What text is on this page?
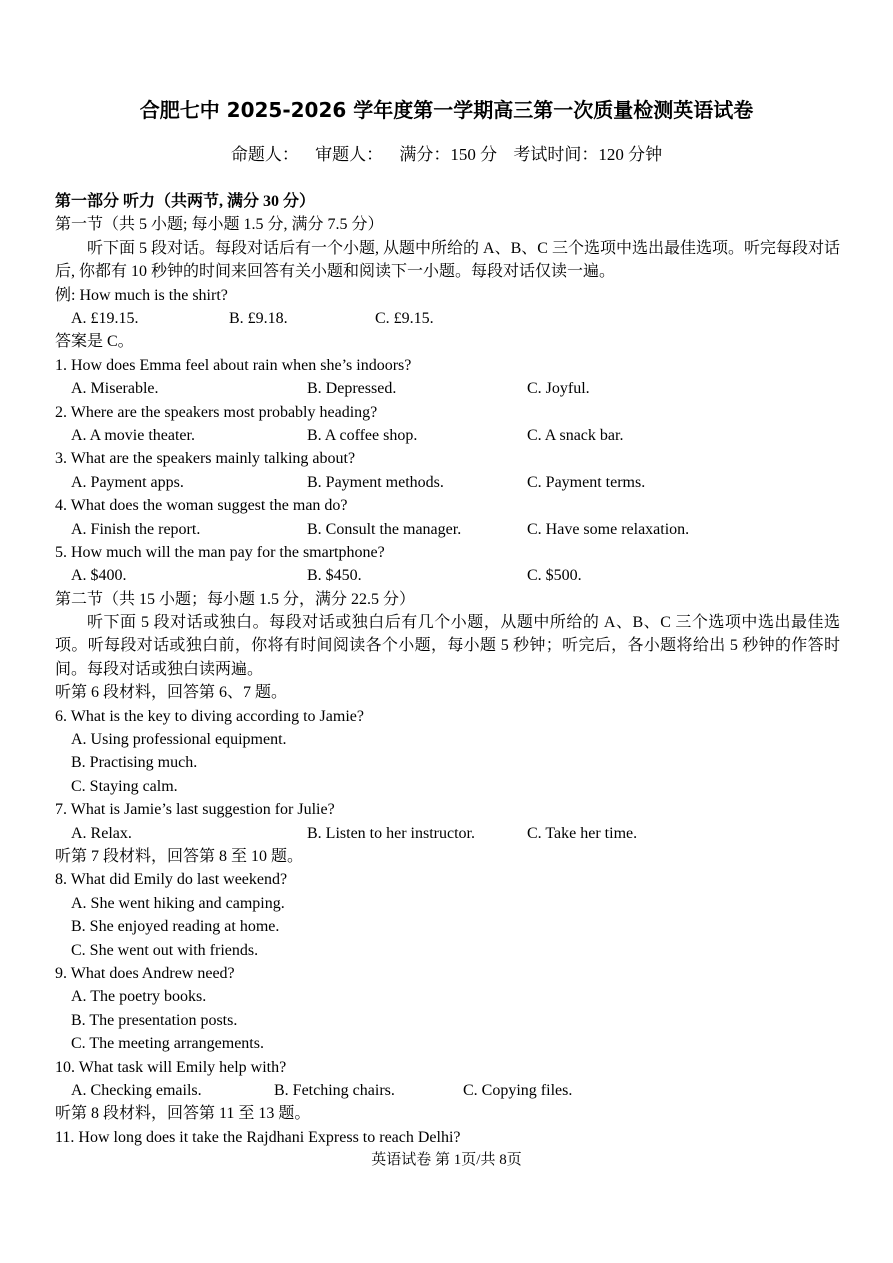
合肥七中 2025-2026 学年度第一学期高三第一次质量检测英语试卷
命题人： 审题人： 满分：150 分 考试时间：120 分钟
第一部分 听力（共两节, 满分 30 分）
第一节（共 5 小题; 每小题 1.5 分, 满分 7.5 分）
听下面 5 段对话。每段对话后有一个小题, 从题中所给的 A、B、C 三个选项中选出最佳选项。听完每段对话后, 你都有 10 秒钟的时间来回答有关小题和阅读下一小题。每段对话仅读一遍。
例: How much is the shirt?
A. £19.15.	B. £9.18.	C. £9.15.
答案是 C。
1. How does Emma feel about rain when she’s indoors?
A. Miserable.	B. Depressed.	C. Joyful.
2. Where are the speakers most probably heading?
A. A movie theater.	B. A coffee shop.	C. A snack bar.
3. What are the speakers mainly talking about?
A. Payment apps.	B. Payment methods.	C. Payment terms.
4. What does the woman suggest the man do?
A. Finish the report.	B. Consult the manager.	C. Have some relaxation.
5. How much will the man pay for the smartphone?
A. $400.	B. $450.	C. $500.
第二节（共 15 小题；每小题 1.5 分，满分 22.5 分）
听下面 5 段对话或独白。每段对话或独白后有几个小题，从题中所给的 A、B、C 三个选项中选出最佳选项。听每段对话或独白前，你将有时间阅读各个小题，每小题 5 秒钟；听完后，各小题将给出 5 秒钟的作答时间。每段对话或独白读两遍。
听第 6 段材料，回答第 6、7 题。
6. What is the key to diving according to Jamie?
A. Using professional equipment.
B. Practising much.
C. Staying calm.
7. What is Jamie’s last suggestion for Julie?
A. Relax.	B. Listen to her instructor.	C. Take her time.
听第 7 段材料，回答第 8 至 10 题。
8. What did Emily do last weekend?
A. She went hiking and camping.
B. She enjoyed reading at home.
C. She went out with friends.
9. What does Andrew need?
A. The poetry books.
B. The presentation posts.
C. The meeting arrangements.
10. What task will Emily help with?
A. Checking emails.	B. Fetching chairs.	C. Copying files.
听第 8 段材料，回答第 11 至 13 题。
11. How long does it take the Rajdhani Express to reach Delhi?
英语试卷 第 1页/共 8页
